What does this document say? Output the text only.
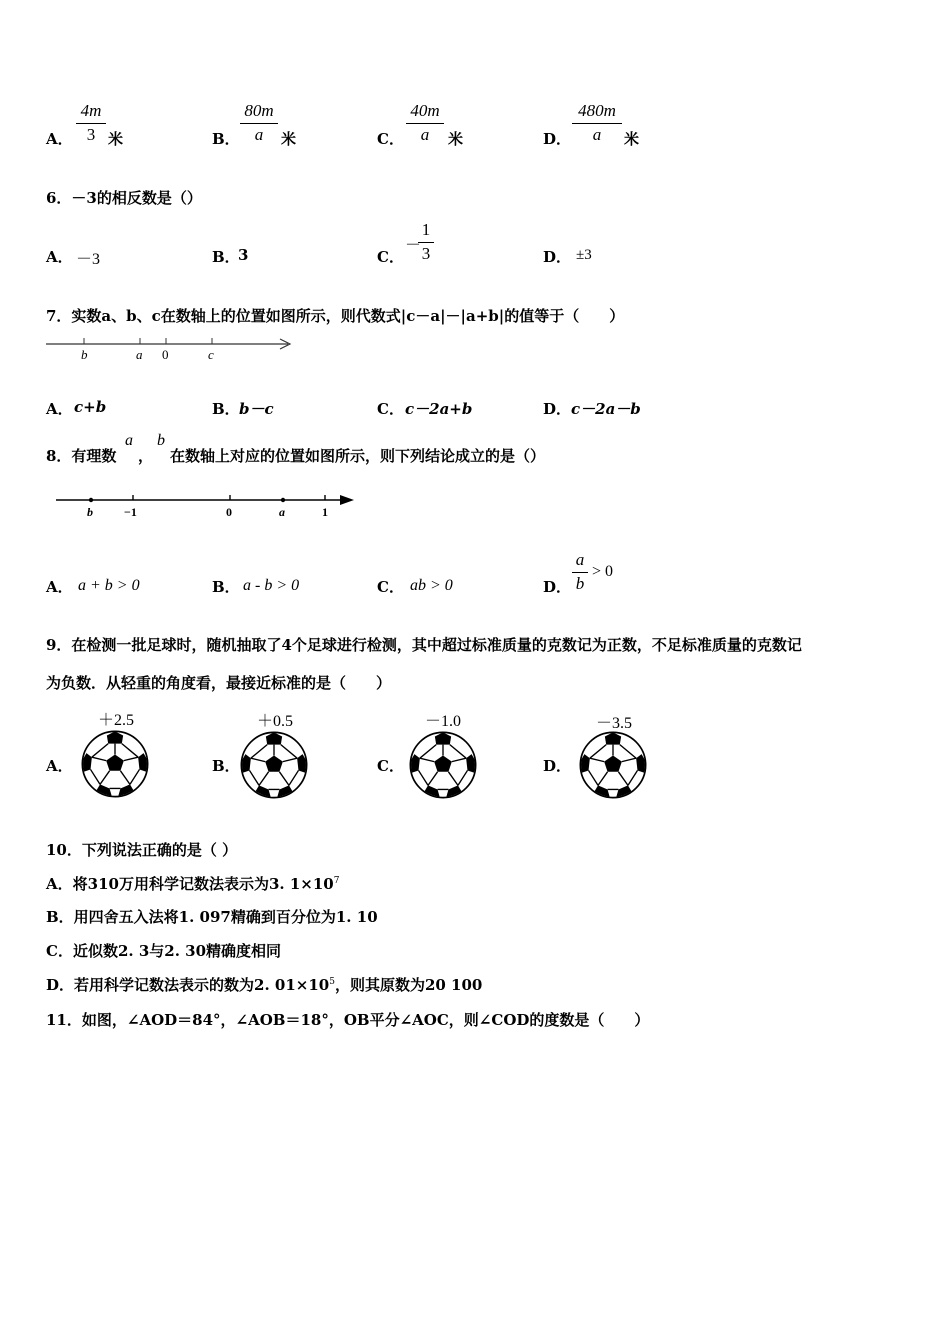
A． $\frac{4m}{3}$ 米	B． $\frac{80m}{a}$ 米	C． $\frac{40m}{a}$ 米	D． $\frac{480m}{a}$ 米
6．－3的相反数是（）
A． －3	B．
3	C．
－
$\frac{1}{3}$	D． ±3
7．实数a、b、c在数轴上的位置如图所示，则代数式|c－a|－|a+b|的值等于（　　）
b	a 0	c
A． c+b	B． b－c	C． c－2a+b	D． c－2a－b
8．有理数
a
，
b
在数轴上对应的位置如图所示，则下列结论成立的是（）
b	−1	0	a	1
A． a + b > 0	B． a - b > 0	C． ab > 0	D． $\frac{a}{b} > 0$
9．在检测一批足球时，随机抽取了4个足球进行检测，其中超过标准质量的克数记为正数，不足标准质量的克数记
为负数．从轻重的角度看，最接近标准的是（　　）
A．
＋2.5
B．
＋0.5
C．
－1.0
D．
－3.5
10．下列说法正确的是（ ）
A．将310万用科学记数法表示为3. $1\times 10^7$
B．用四舍五入法将1. 097精确到百分位为1. 10
C．近似数2. 3与2. 30精确度相同
D．若用科学记数法表示的数为2. $01\times 10^5$，则其原数为20 100
11．如图，∠AOD＝84°，∠AOB＝18°，OB平分∠AOC，则∠COD的度数是（　　）
